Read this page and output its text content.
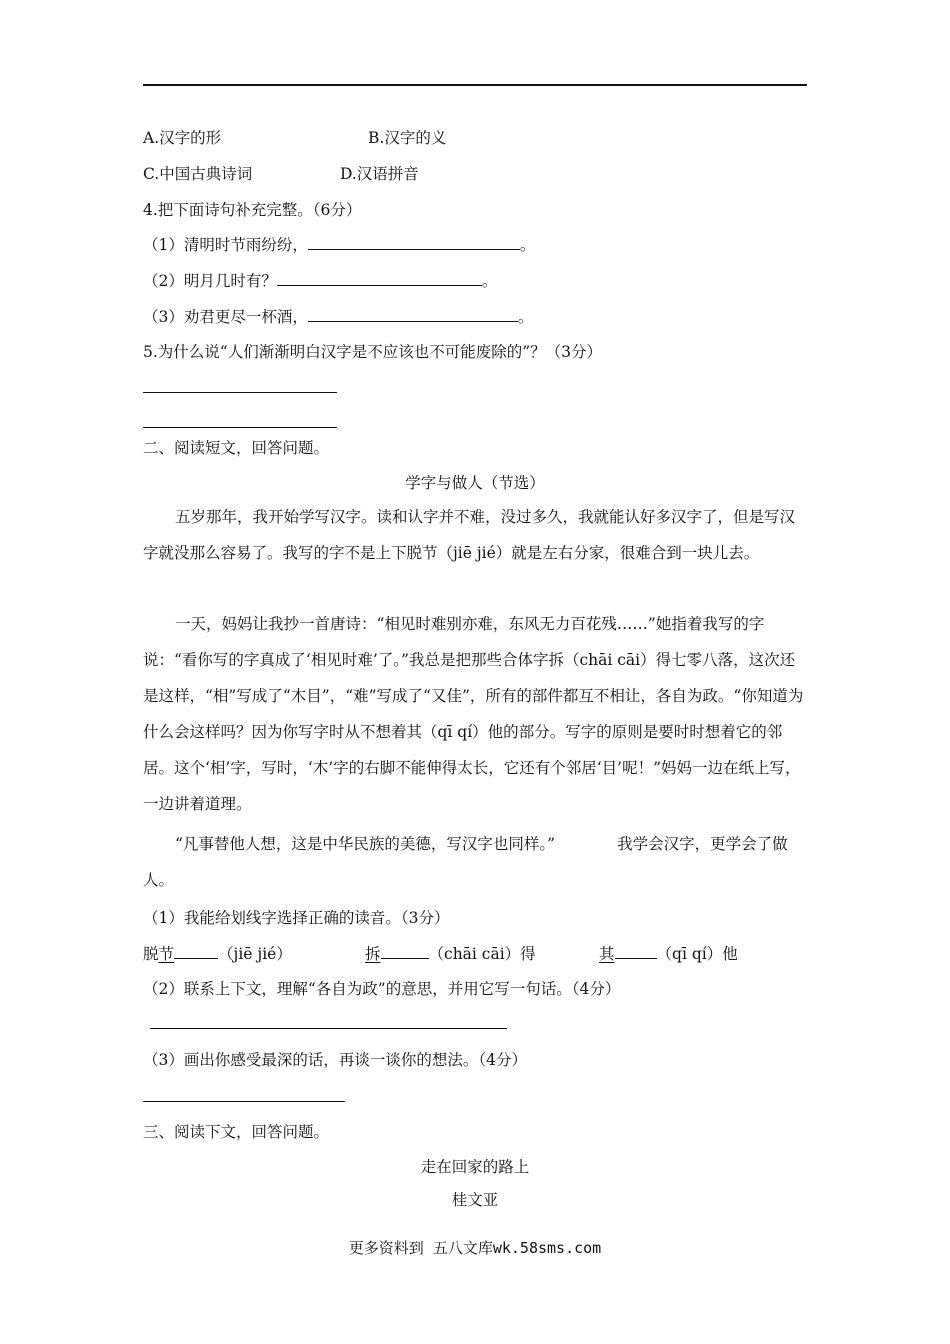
A.汉字的形	B.汉字的义
C.中国古典诗词	D.汉语拼音
4.把下面诗句补充完整。（6分）
（1）清明时节雨纷纷，	。
（2）明月几时有？	。
（3）劝君更尽一杯酒，	。
5.为什么说“人们渐渐明白汉字是不应该也不可能废除的”？（3分）
二、阅读短文，回答问题。
学字与做人（节选）
五岁那年，我开始学写汉字。读和认字并不难，没过多久，我就能认好多汉字了，但是写汉字就没那么容易了。我写的字不是上下脱节（jiē jié）就是左右分家，很难合到一块儿去。
一天，妈妈让我抄一首唐诗：“相见时难别亦难，东风无力百花残……”她指着我写的字说：“看你写的字真成了‘相见时难’了。”我总是把那些合体字拆（chāi cāi）得七零八落，这次还是这样，“相”写成了“木目”，“难”写成了“又佳”，所有的部件都互不相让，各自为政。“你知道为什么会这样吗？因为你写字时从不想着其（qī qí）他的部分。写字的原则是要时时想着它的邻居。这个‘相’字，写时，‘木’字的右脚不能伸得太长，它还有个邻居‘目’呢！”妈妈一边在纸上写，一边讲着道理。
“凡事替他人想，这是中华民族的美德，写汉字也同样。”	我学会汉字，更学会了做人。
（1）我能给划线字选择正确的读音。（3分）
脱节	（jiē jié）	拆	（chāi cāi）得	其	（qī qí）他
（2）联系上下文，理解“各自为政”的意思，并用它写一句话。（4分）
（3）画出你感受最深的话，再谈一谈你的想法。（4分）
三、阅读下文，回答问题。
走在回家的路上
桂文亚
更多资料到 五八文库wk.58sms.com
